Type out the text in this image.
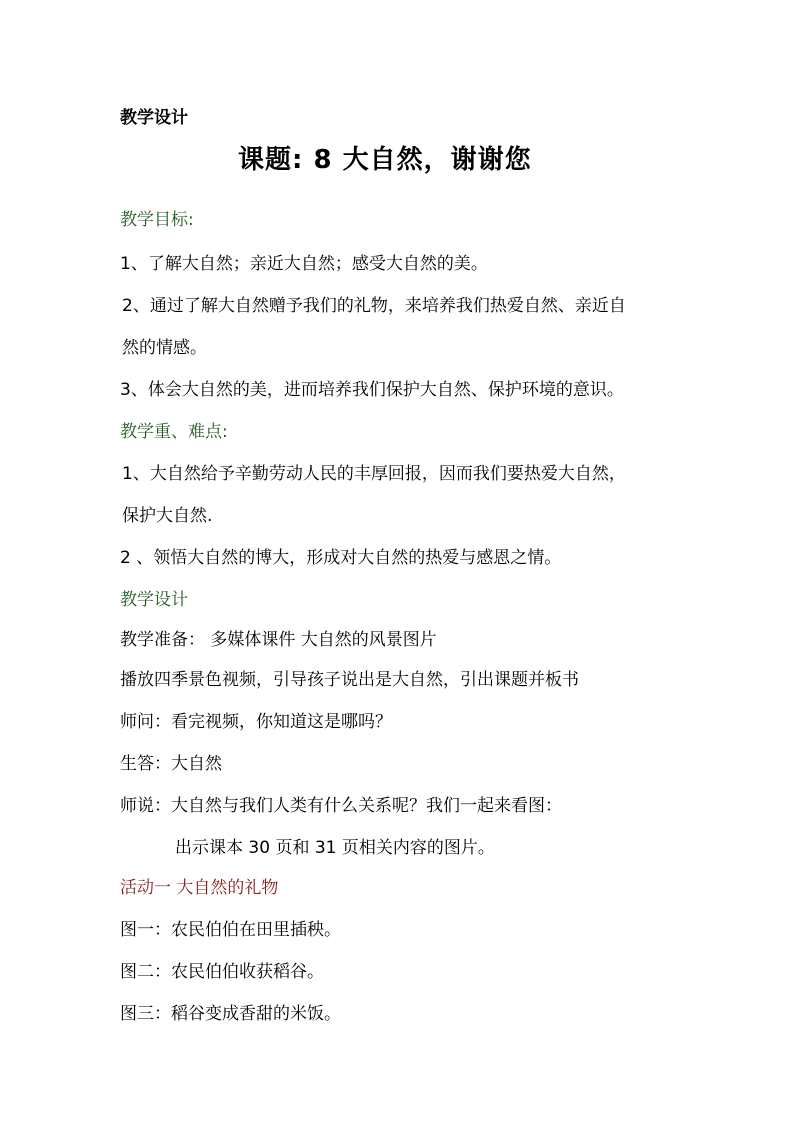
教学设计
课题: 8 大自然，谢谢您
教学目标:
1、了解大自然；亲近大自然；感受大自然的美。
2、通过了解大自然赠予我们的礼物，来培养我们热爱自然、亲近自
然的情感。
3、体会大自然的美，进而培养我们保护大自然、保护环境的意识。
教学重、难点:
1、大自然给予辛勤劳动人民的丰厚回报，因而我们要热爱大自然，
保护大自然.
2 、领悟大自然的博大，形成对大自然的热爱与感恩之情。
教学设计
教学准备： 多媒体课件 大自然的风景图片
播放四季景色视频，引导孩子说出是大自然，引出课题并板书
师问：看完视频，你知道这是哪吗？
生答：大自然
师说：大自然与我们人类有什么关系呢？我们一起来看图：
出示课本 30 页和 31 页相关内容的图片。
活动一 大自然的礼物
图一：农民伯伯在田里插秧。
图二：农民伯伯收获稻谷。
图三：稻谷变成香甜的米饭。
